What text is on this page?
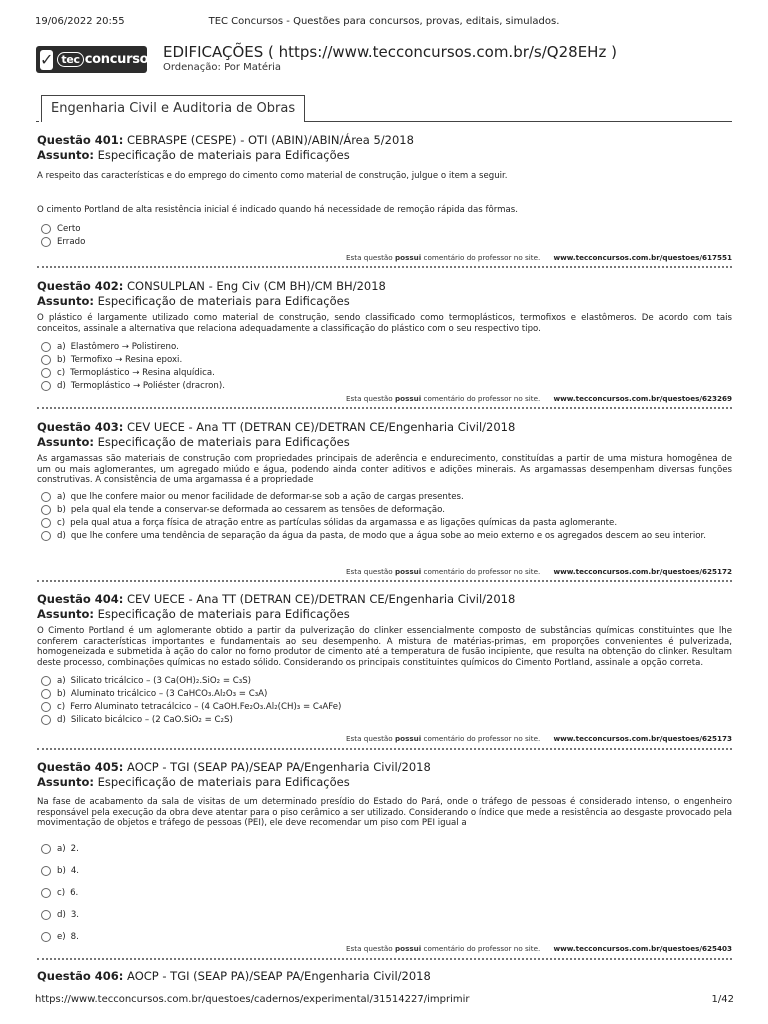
19/06/2022 20:55	TEC Concursos - Questões para concursos, provas, editais, simulados.
✓ tec concursos EDIFICAÇÕES ( https://www.tecconcursos.com.br/s/Q28EHz )
Ordenação: Por Matéria
Engenharia Civil e Auditoria de Obras
Questão 401: CEBRASPE (CESPE) - OTI (ABIN)/ABIN/Área 5/2018
Assunto: Especificação de materiais para Edificações
A respeito das características e do emprego do cimento como material de construção, julgue o item a seguir.
O cimento Portland de alta resistência inicial é indicado quando há necessidade de remoção rápida das fôrmas.
Certo
Errado
Esta questão possui comentário do professor no site. www.tecconcursos.com.br/questoes/617551
Questão 402: CONSULPLAN - Eng Civ (CM BH)/CM BH/2018
Assunto: Especificação de materiais para Edificações
O plástico é largamente utilizado como material de construção, sendo classificado como termoplásticos, termofixos e elastômeros. De acordo com tais conceitos, assinale a alternativa que relaciona adequadamente a classificação do plástico com o seu respectivo tipo.
a) Elastômero → Polistireno.
b) Termofixo → Resina epoxi.
c) Termoplástico → Resina alquídica.
d) Termoplástico → Poliéster (dracron).
Esta questão possui comentário do professor no site. www.tecconcursos.com.br/questoes/623269
Questão 403: CEV UECE - Ana TT (DETRAN CE)/DETRAN CE/Engenharia Civil/2018
Assunto: Especificação de materiais para Edificações
As argamassas são materiais de construção com propriedades principais de aderência e endurecimento, constituídas a partir de uma mistura homogênea de um ou mais aglomerantes, um agregado miúdo e água, podendo ainda conter aditivos e adições minerais. As argamassas desempenham diversas funções construtivas. A consistência de uma argamassa é a propriedade
a) que lhe confere maior ou menor facilidade de deformar-se sob a ação de cargas presentes.
b) pela qual ela tende a conservar-se deformada ao cessarem as tensões de deformação.
c) pela qual atua a força física de atração entre as partículas sólidas da argamassa e as ligações químicas da pasta aglomerante.
d) que lhe confere uma tendência de separação da água da pasta, de modo que a água sobe ao meio externo e os agregados descem ao seu interior.
Esta questão possui comentário do professor no site. www.tecconcursos.com.br/questoes/625172
Questão 404: CEV UECE - Ana TT (DETRAN CE)/DETRAN CE/Engenharia Civil/2018
Assunto: Especificação de materiais para Edificações
O Cimento Portland é um aglomerante obtido a partir da pulverização do clinker essencialmente composto de substâncias químicas constituintes que lhe conferem características importantes e fundamentais ao seu desempenho. A mistura de matérias-primas, em proporções convenientes é pulverizada, homogeneizada e submetida à ação do calor no forno produtor de cimento até a temperatura de fusão incipiente, que resulta na obtenção do clinker. Resultam deste processo, combinações químicas no estado sólido. Considerando os principais constituintes químicos do Cimento Portland, assinale a opção correta.
a) Silicato tricálcico – (3 Ca(OH)₂.SiO₂ = C₃S)
b) Aluminato tricálcico – (3 CaHCO₃.Al₂O₃ = C₃A)
c) Ferro Aluminato tetracálcico – (4 CaOH.Fe₂O₃.Al₂(CH)₃ = C₄AFe)
d) Silicato bicálcico – (2 CaO.SiO₂ = C₂S)
Esta questão possui comentário do professor no site. www.tecconcursos.com.br/questoes/625173
Questão 405: AOCP - TGI (SEAP PA)/SEAP PA/Engenharia Civil/2018
Assunto: Especificação de materiais para Edificações
Na fase de acabamento da sala de visitas de um determinado presídio do Estado do Pará, onde o tráfego de pessoas é considerado intenso, o engenheiro responsável pela execução da obra deve atentar para o piso cerâmico a ser utilizado. Considerando o índice que mede a resistência ao desgaste provocado pela movimentação de objetos e tráfego de pessoas (PEI), ele deve recomendar um piso com PEI igual a
a) 2.
b) 4.
c) 6.
d) 3.
e) 8.
Esta questão possui comentário do professor no site. www.tecconcursos.com.br/questoes/625403
Questão 406: AOCP - TGI (SEAP PA)/SEAP PA/Engenharia Civil/2018
https://www.tecconcursos.com.br/questoes/cadernos/experimental/31514227/imprimir	1/42
